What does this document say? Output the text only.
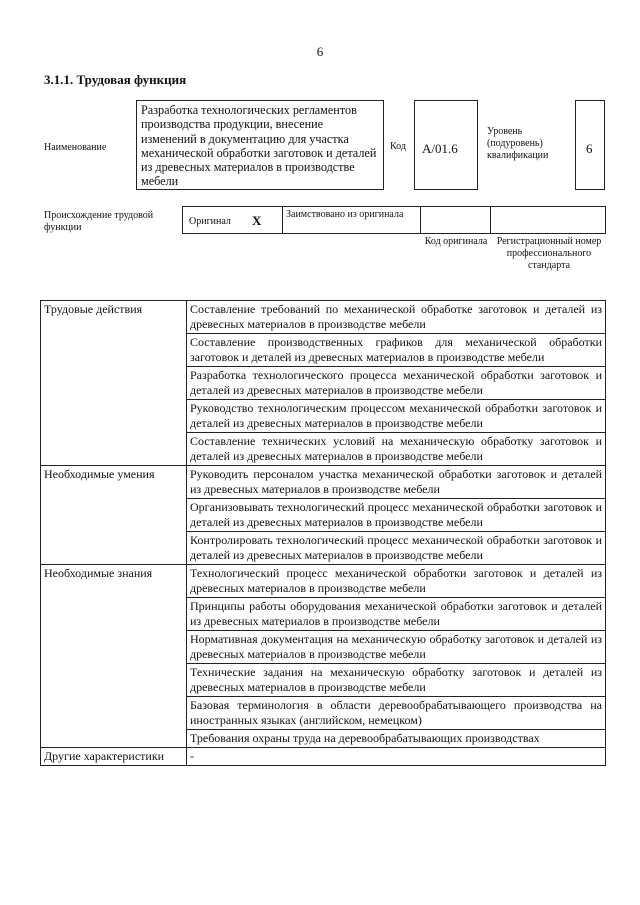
6
3.1.1. Трудовая функция
Наименование
Разработка технологических регламентов производства продукции, внесение изменений в документацию для участка механической обработки заготовок и деталей из древесных материалов в производстве мебели
Код А/01.6
Уровень (подуровень) квалификации	6
Происхождение трудовой функции
Оригинал X Заимствовано из оригинала
Код оригинала Регистрационный номер профессионального стандарта
Трудовые действия	Составление требований по механической обработке заготовок и деталей из древесных материалов в производстве мебели
	Составление производственных графиков для механической обработки заготовок и деталей из древесных материалов в производстве мебели
	Разработка технологического процесса механической обработки заготовок и деталей из древесных материалов в производстве мебели
	Руководство технологическим процессом механической обработки заготовок и деталей из древесных материалов в производстве мебели
	Составление технических условий на механическую обработку заготовок и деталей из древесных материалов в производстве мебели
Необходимые умения	Руководить персоналом участка механической обработки заготовок и деталей из древесных материалов в производстве мебели
	Организовывать технологический процесс механической обработки заготовок и деталей из древесных материалов в производстве мебели
	Контролировать технологический процесс механической обработки заготовок и деталей из древесных материалов в производстве мебели
Необходимые знания	Технологический процесс механической обработки заготовок и деталей из древесных материалов в производстве мебели
	Принципы работы оборудования механической обработки заготовок и деталей из древесных материалов в производстве мебели
	Нормативная документация на механическую обработку заготовок и деталей из древесных материалов в производстве мебели
	Технические задания на механическую обработку заготовок и деталей из древесных материалов в производстве мебели
	Базовая терминология в области деревообрабатывающего производства на иностранных языках (английском, немецком)
	Требования охраны труда на деревообрабатывающих производствах
Другие характеристики	-
